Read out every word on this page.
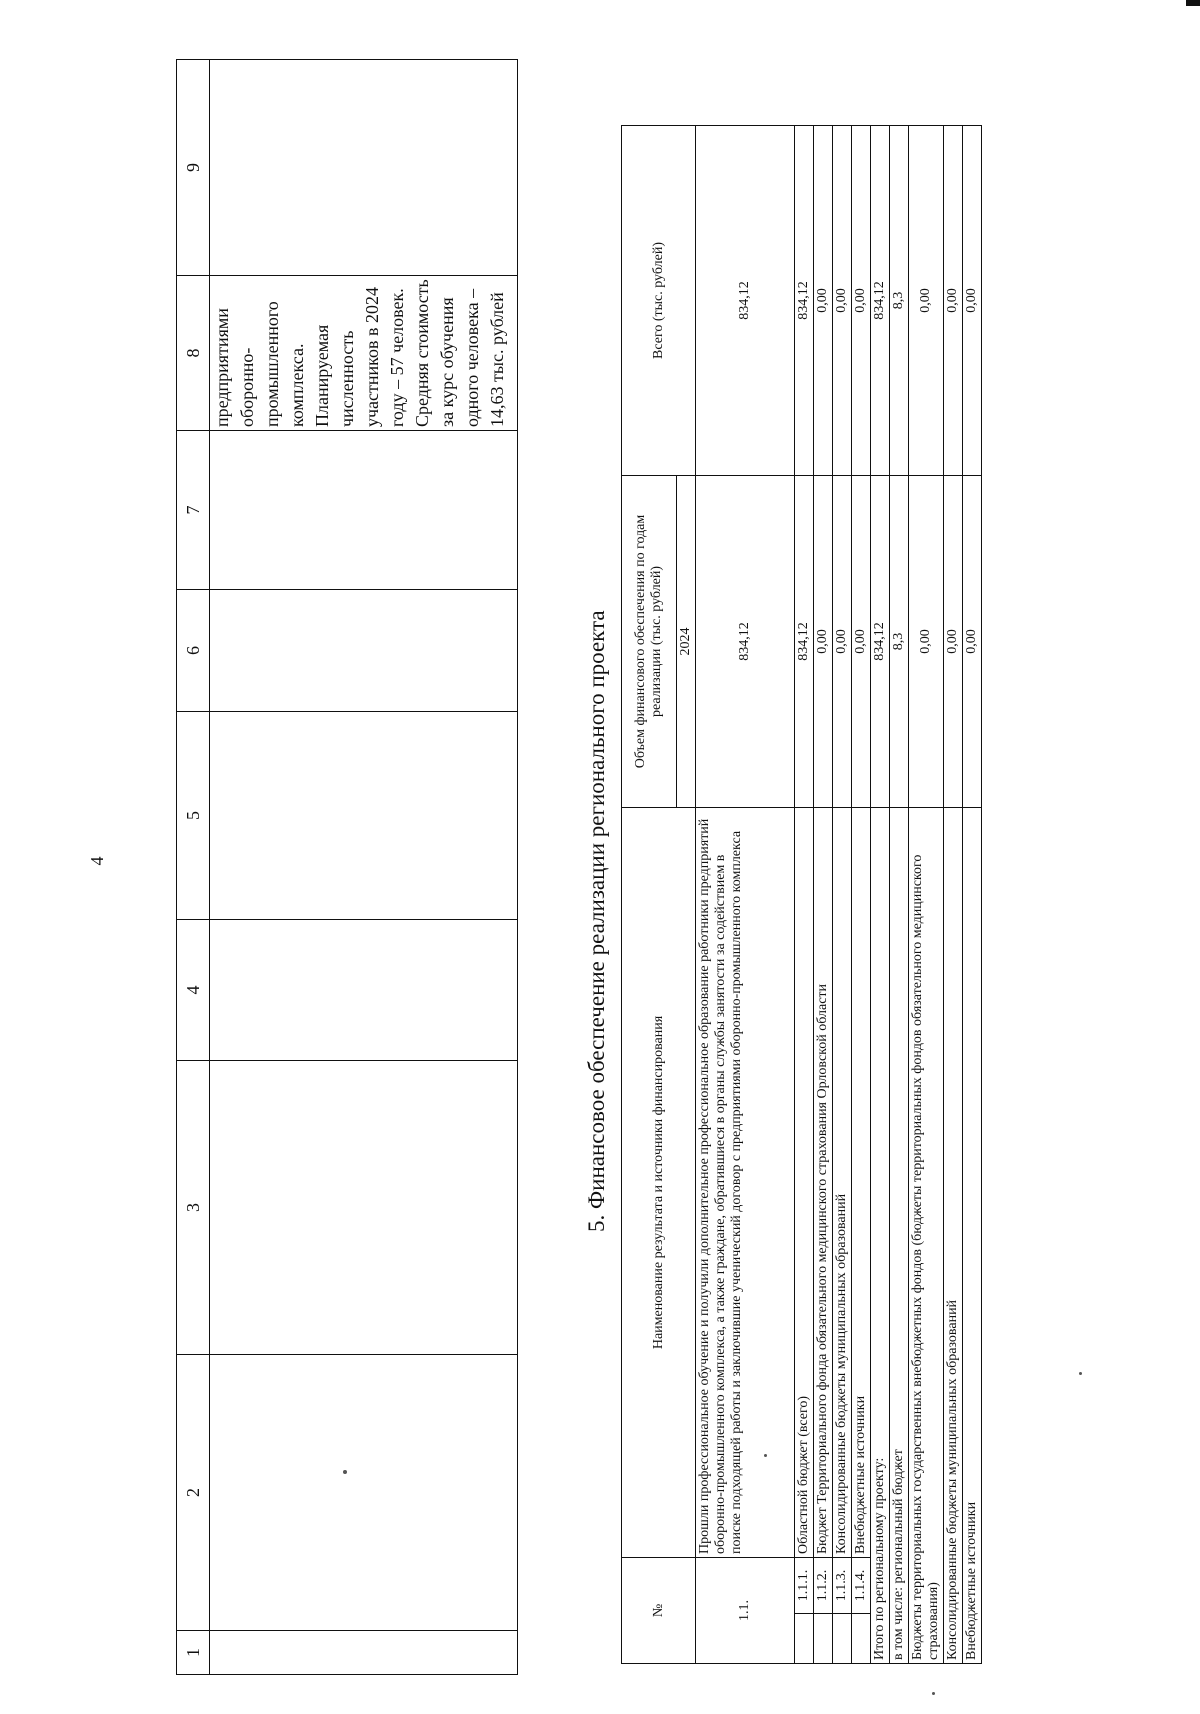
4
1	2	3	4	5	6	7	8	9
							предприятиями оборонно-промышленного комплекса. Планируемая численность участников в 2024 году – 57 человек. Средняя стоимость за курс обучения одного человека – 14,63 тыс. рублей	
5. Финансовое обеспечение реализации регионального проекта
№		Наименование результата и источники финансирования	Объем финансового обеспечения по годам реализации (тыс. рублей)	Всего (тыс. рублей)
			2024	
1.1.		Прошли профессиональное обучение и получили дополнительное профессиональное образование работники предприятий оборонно-промышленного комплекса, а также граждане, обратившиеся в органы службы занятости за содействием в поиске подходящей работы и заключившие ученический договор с предприятиями оборонно-промышленного комплекса	834,12	834,12
	1.1.1.	Областной бюджет (всего)	834,12	834,12
	1.1.2.	Бюджет Территориального фонда обязательного медицинского страхования Орловской области	0,00	0,00
	1.1.3.	Консолидированные бюджеты муниципальных образований	0,00	0,00
	1.1.4.	Внебюджетные источники	0,00	0,00
Итого по региональному проекту:			834,12	834,12
в том числе: региональный бюджет			8,3	8,3
Бюджеты территориальных государственных внебюджетных фондов (бюджеты территориальных фондов обязательного медицинского страхования)			0,00	0,00
Консолидированные бюджеты муниципальных образований			0,00	0,00
Внебюджетные источники			0,00	0,00
